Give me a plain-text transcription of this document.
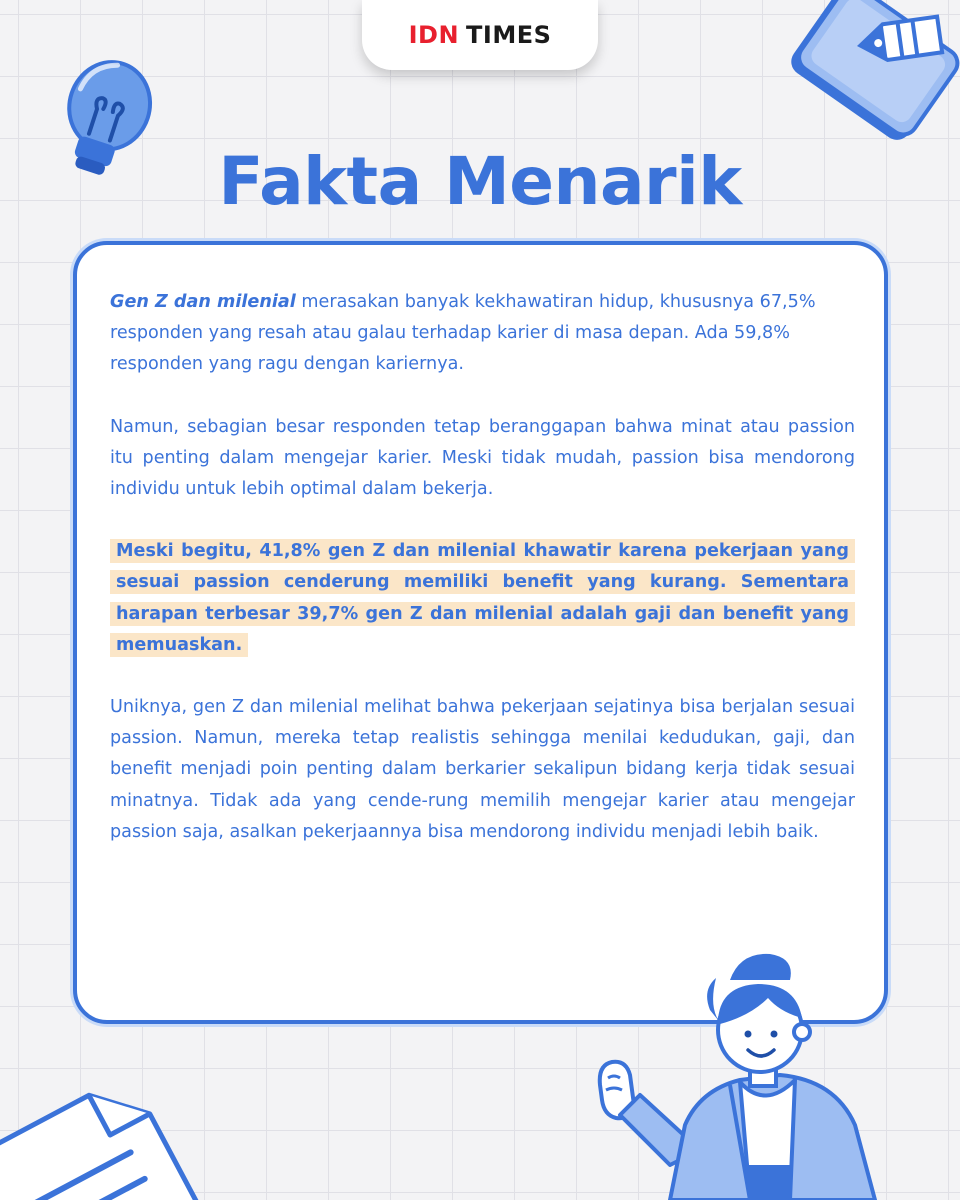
IDN TIMES
Fakta Menarik

Gen Z dan milenial merasakan banyak kekhawatiran hidup, khususnya 67,5% responden yang resah atau galau terhadap karier di masa depan. Ada 59,8% responden yang ragu dengan kariernya.

Namun, sebagian besar responden tetap beranggapan bahwa minat atau passion itu penting dalam mengejar karier. Meski tidak mudah, passion bisa mendorong individu untuk lebih optimal dalam bekerja.

Meski begitu, 41,8% gen Z dan milenial khawatir karena pekerjaan yang sesuai passion cenderung memiliki benefit yang kurang. Sementara harapan terbesar 39,7% gen Z dan milenial adalah gaji dan benefit yang memuaskan.

Uniknya, gen Z dan milenial melihat bahwa pekerjaan sejatinya bisa berjalan sesuai passion. Namun, mereka tetap realistis sehingga menilai kedudukan, gaji, dan benefit menjadi poin penting dalam berkarier sekalipun bidang kerja tidak sesuai minatnya. Tidak ada yang cende-rung memilih mengejar karier atau mengejar passion saja, asalkan pekerjaannya bisa mendorong individu menjadi lebih baik.
